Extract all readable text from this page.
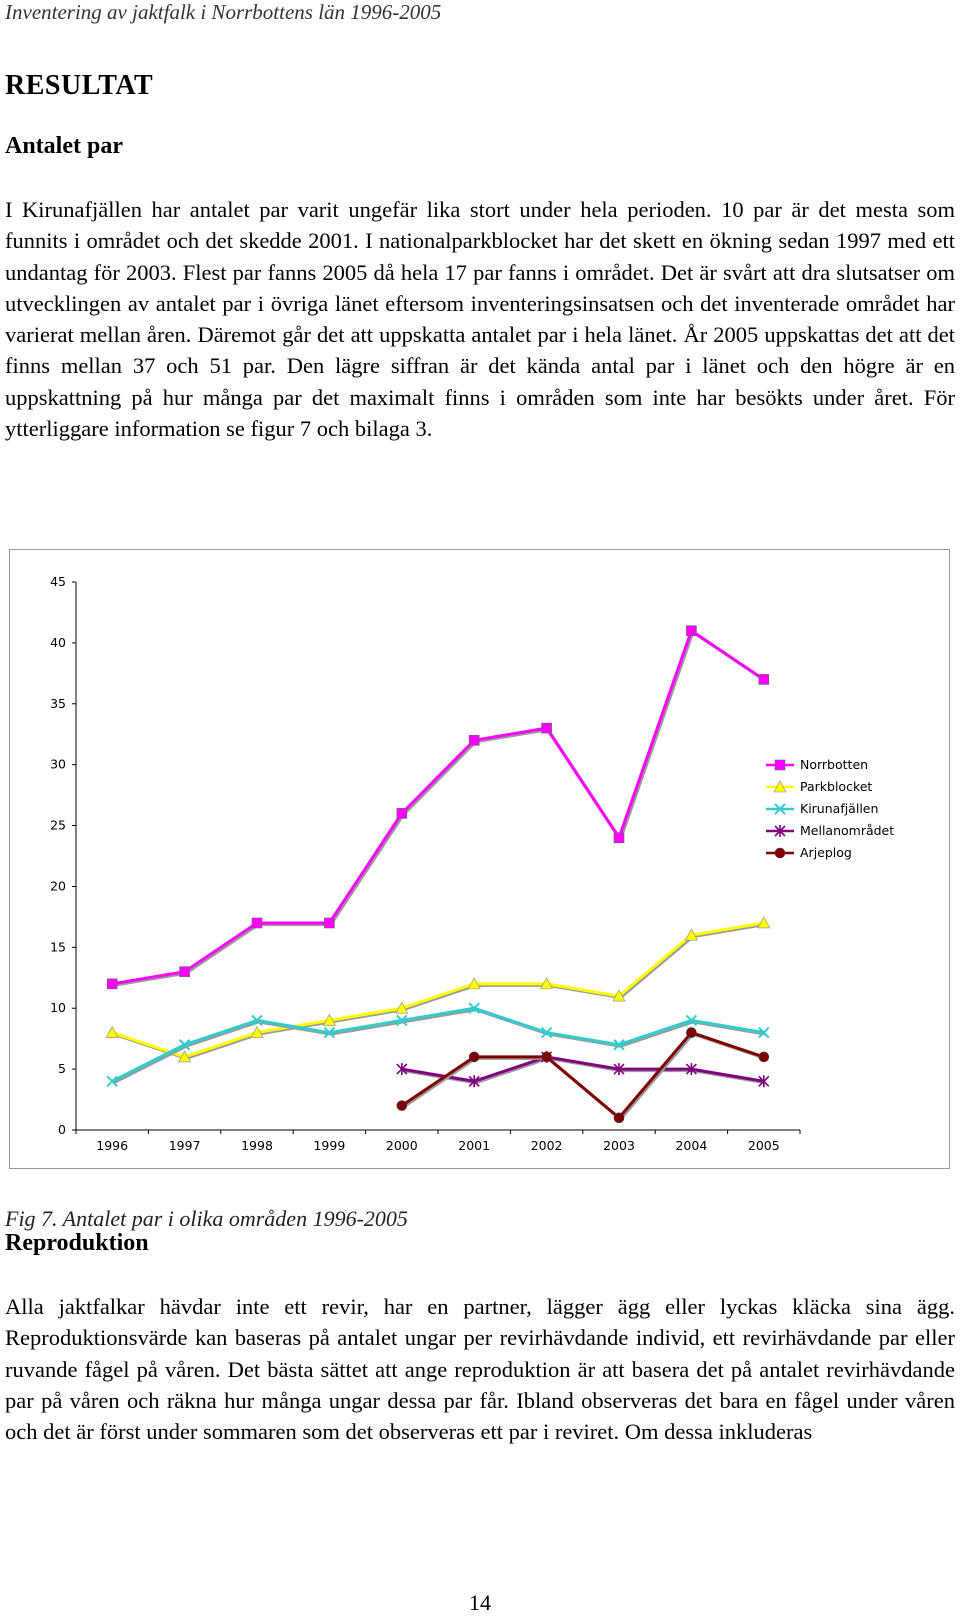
Inventering av jaktfalk i Norrbottens län 1996-2005
RESULTAT
Antalet par

I Kirunafjällen har antalet par varit ungefär lika stort under hela perioden. 10 par är det mesta som funnits i området och det skedde 2001. I nationalparkblocket har det skett en ökning sedan 1997 med ett undantag för 2003. Flest par fanns 2005 då hela 17 par fanns i området. Det är svårt att dra slutsatser om utvecklingen av antalet par i övriga länet eftersom inventeringsinsatsen och det inventerade området har varierat mellan åren. Däremot går det att uppskatta antalet par i hela länet. År 2005 uppskattas det att det finns mellan 37 och 51 par. Den lägre siffran är det kända antal par i länet och den högre är en uppskattning på hur många par det maximalt finns i områden som inte har besökts under året. För ytterliggare information se figur 7 och bilaga 3.

0
5
10
15
20
25
30
35
40
45
1996	1997	1998	1999	2000	2001	2002	2003	2004	2005
Norrbotten
Parkblocket
Kirunafjällen
Mellanområdet
Arjeplog

Fig 7. Antalet par i olika områden 1996-2005

Reproduktion

Alla jaktfalkar hävdar inte ett revir, har en partner, lägger ägg eller lyckas kläcka sina ägg. Reproduktionsvärde kan baseras på antalet ungar per revirhävdande individ, ett revirhävdande par eller ruvande fågel på våren. Det bästa sättet att ange reproduktion är att basera det på antalet revirhävdande par på våren och räkna hur många ungar dessa par får. Ibland observeras det bara en fågel under våren och det är först under sommaren som det observeras ett par i reviret. Om dessa inkluderas

14
